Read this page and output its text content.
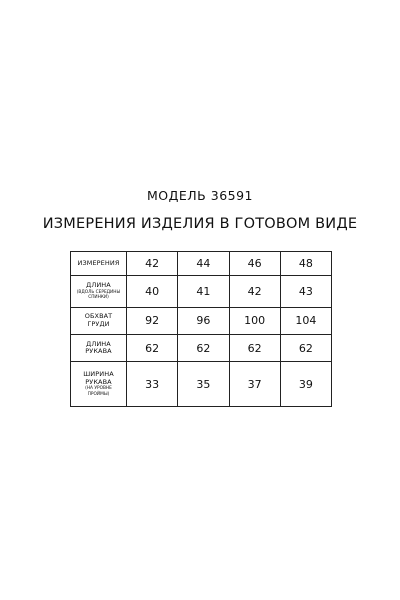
МОДЕЛЬ 36591
ИЗМЕРЕНИЯ ИЗДЕЛИЯ В ГОТОВОМ ВИДЕ
ИЗМЕРЕНИЯ	42	44	46	48

ДЛИНА
(ВДОЛЬ СЕРЕДИНЫ
СПИНКИ)	40	41	42	43

ОБХВАТ
ГРУДИ	92	96	100	104

ДЛИНА
РУКАВА	62	62	62	62

ШИРИНА
РУКАВА
(НА УРОВНЕ
ПРОЙМЫ)	33	35	37	39
